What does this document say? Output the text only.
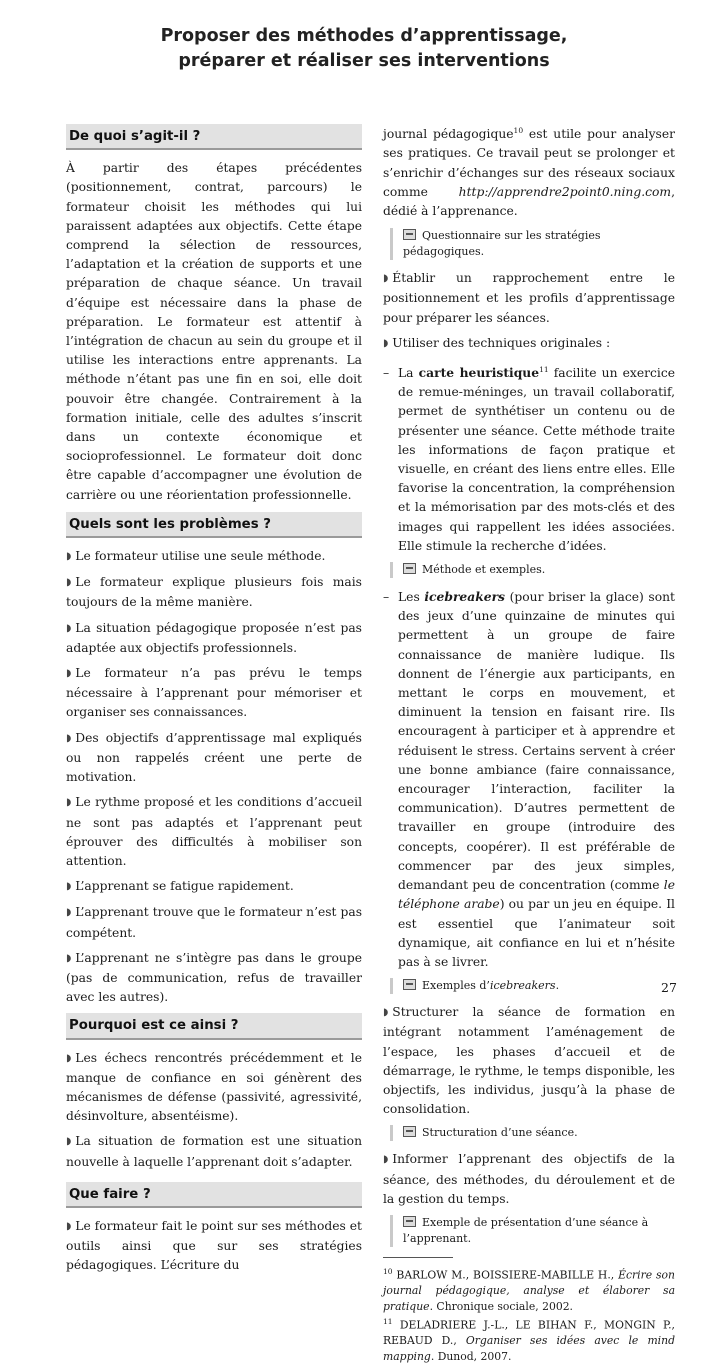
Proposer des méthodes d’apprentissage,
préparer et réaliser ses interventions
De quoi s’agit-il ?

À partir des étapes précédentes (positionnement, contrat, parcours) le formateur choisit les méthodes qui lui paraissent adaptées aux objectifs. Cette étape comprend la sélection de ressources, l’adaptation et la création de supports et une préparation de chaque séance. Un travail d’équipe est nécessaire dans la phase de préparation. Le formateur est attentif à l’intégration de chacun au sein du groupe et il utilise les interactions entre apprenants. La méthode n’étant pas une fin en soi, elle doit pouvoir être changée. Contrairement à la formation initiale, celle des adultes s’inscrit dans un contexte économique et socioprofessionnel. Le formateur doit donc être capable d’accompagner une évolution de carrière ou une réorientation professionnelle.

Quels sont les problèmes ?

◗ Le formateur utilise une seule méthode.

◗ Le formateur explique plusieurs fois mais toujours de la même manière.

◗ La situation pédagogique proposée n’est pas adaptée aux objectifs professionnels.

◗ Le formateur n’a pas prévu le temps nécessaire à l’apprenant pour mémoriser et organiser ses connaissances.

◗ Des objectifs d’apprentissage mal expliqués ou non rappelés créent une perte de motivation.

◗ Le rythme proposé et les conditions d’accueil ne sont pas adaptés et l’apprenant peut éprouver des difficultés à mobiliser son attention.

◗ L’apprenant se fatigue rapidement.

◗ L’apprenant trouve que le formateur n’est pas compétent.

◗ L’apprenant ne s’intègre pas dans le groupe (pas de communication, refus de travailler avec les autres).

Pourquoi est ce ainsi ?

◗ Les échecs rencontrés précédemment et le manque de confiance en soi génèrent des mécanismes de défense (passivité, agressivité, désinvolture, absentéisme).

◗ La situation de formation est une situation nouvelle à laquelle l’apprenant doit s’adapter.

Que faire ?

◗ Le formateur fait le point sur ses méthodes et outils ainsi que sur ses stratégies pédagogiques. L’écriture du

journal pédagogique$^{10}$ est utile pour analyser ses pratiques. Ce travail peut se prolonger et s’enrichir d’échanges sur des réseaux sociaux comme http://apprendre2point0.ning.com, dédié à l’apprenance.

Questionnaire sur les stratégies pédagogiques.

◗ Établir un rapprochement entre le positionnement et les profils d’apprentissage pour préparer les séances.

◗ Utiliser des techniques originales :

– La carte heuristique$^{11}$ facilite un exercice de remue-méninges, un travail collaboratif, permet de synthétiser un contenu ou de présenter une séance. Cette méthode traite les informations de façon pratique et visuelle, en créant des liens entre elles. Elle favorise la concentration, la compréhension et la mémorisation par des mots-clés et des images qui rappellent les idées associées. Elle stimule la recherche d’idées.

Méthode et exemples.

– Les icebreakers (pour briser la glace) sont des jeux d’une quinzaine de minutes qui permettent à un groupe de faire connaissance de manière ludique. Ils donnent de l’énergie aux participants, en mettant le corps en mouvement, et diminuent la tension en faisant rire. Ils encouragent à participer et à apprendre et réduisent le stress. Certains servent à créer une bonne ambiance (faire connaissance, encourager l’interaction, faciliter la communication). D’autres permettent de travailler en groupe (introduire des concepts, coopérer). Il est préférable de commencer par des jeux simples, demandant peu de concentration (comme le téléphone arabe) ou par un jeu en équipe. Il est essentiel que l’animateur soit dynamique, ait confiance en lui et n’hésite pas à se livrer.

Exemples d’icebreakers.

◗ Structurer la séance de formation en intégrant notamment l’aménagement de l’espace, les phases d’accueil et de démarrage, le rythme, le temps disponible, les objectifs, les individus, jusqu’à la phase de consolidation.

Structuration d’une séance.

◗ Informer l’apprenant des objectifs de la séance, des méthodes, du déroulement et de la gestion du temps.

Exemple de présentation d’une séance à l’apprenant.

$^{10}$ BARLOW M., BOISSIERE-MABILLE H., Écrire son journal pédagogique, analyse et élaborer sa pratique. Chronique sociale, 2002.

$^{11}$ DELADRIERE J.-L., LE BIHAN F., MONGIN P., REBAUD D., Organiser ses idées avec le mind mapping. Dunod, 2007.

27
